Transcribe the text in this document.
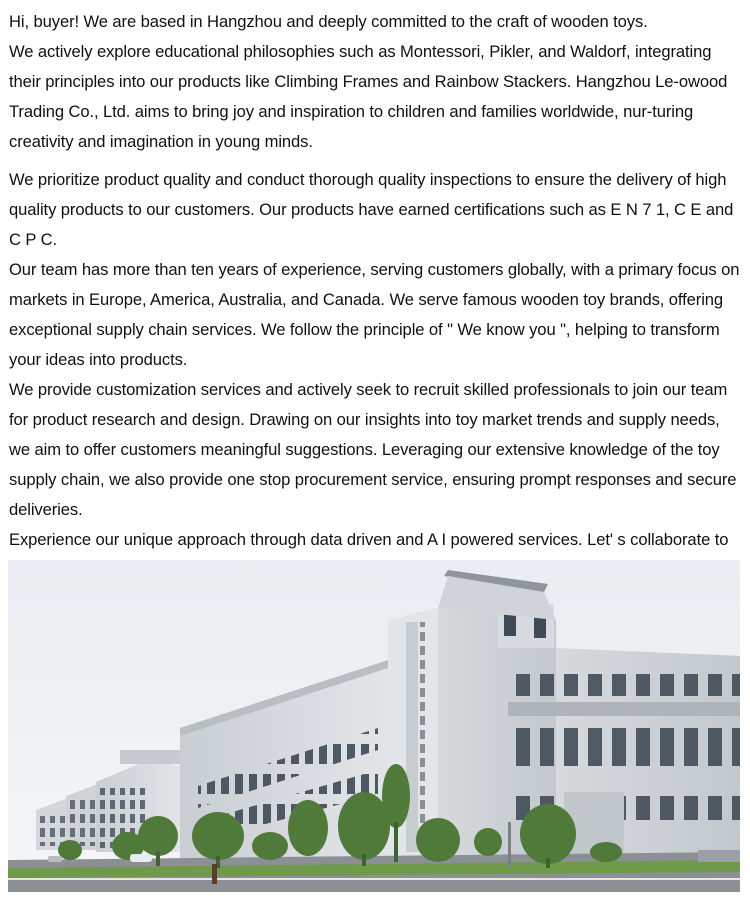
Hi, buyer! We are based in Hangzhou and deeply committed to the craft of wooden toys.

We actively explore educational philosophies such as Montessori, Pikler, and Waldorf, integrating their principles into our products like Climbing Frames and Rainbow Stackers. Hangzhou Le-owood Trading Co., Ltd. aims to bring joy and inspiration to children and families worldwide, nur-turing creativity and imagination in young minds.

We prioritize product quality and conduct thorough quality inspections to ensure the delivery of high quality products to our customers. Our products have earned certifications such as E N 7 1, C E and C P C.

Our team has more than ten years of experience, serving customers globally, with a primary focus on markets in Europe, America, Australia, and Canada. We serve famous wooden toy brands, offering exceptional supply chain services. We follow the principle of " We know you ", helping to transform your ideas into products.

We provide customization services and actively seek to recruit skilled professionals to join our team for product research and design. Drawing on our insights into toy market trends and supply needs, we aim to offer customers meaningful suggestions. Leveraging our extensive knowledge of the toy supply chain, we also provide one stop procurement service, ensuring prompt responses and secure deliveries.

Experience our unique approach through data driven and A I powered services. Let' s collaborate to
